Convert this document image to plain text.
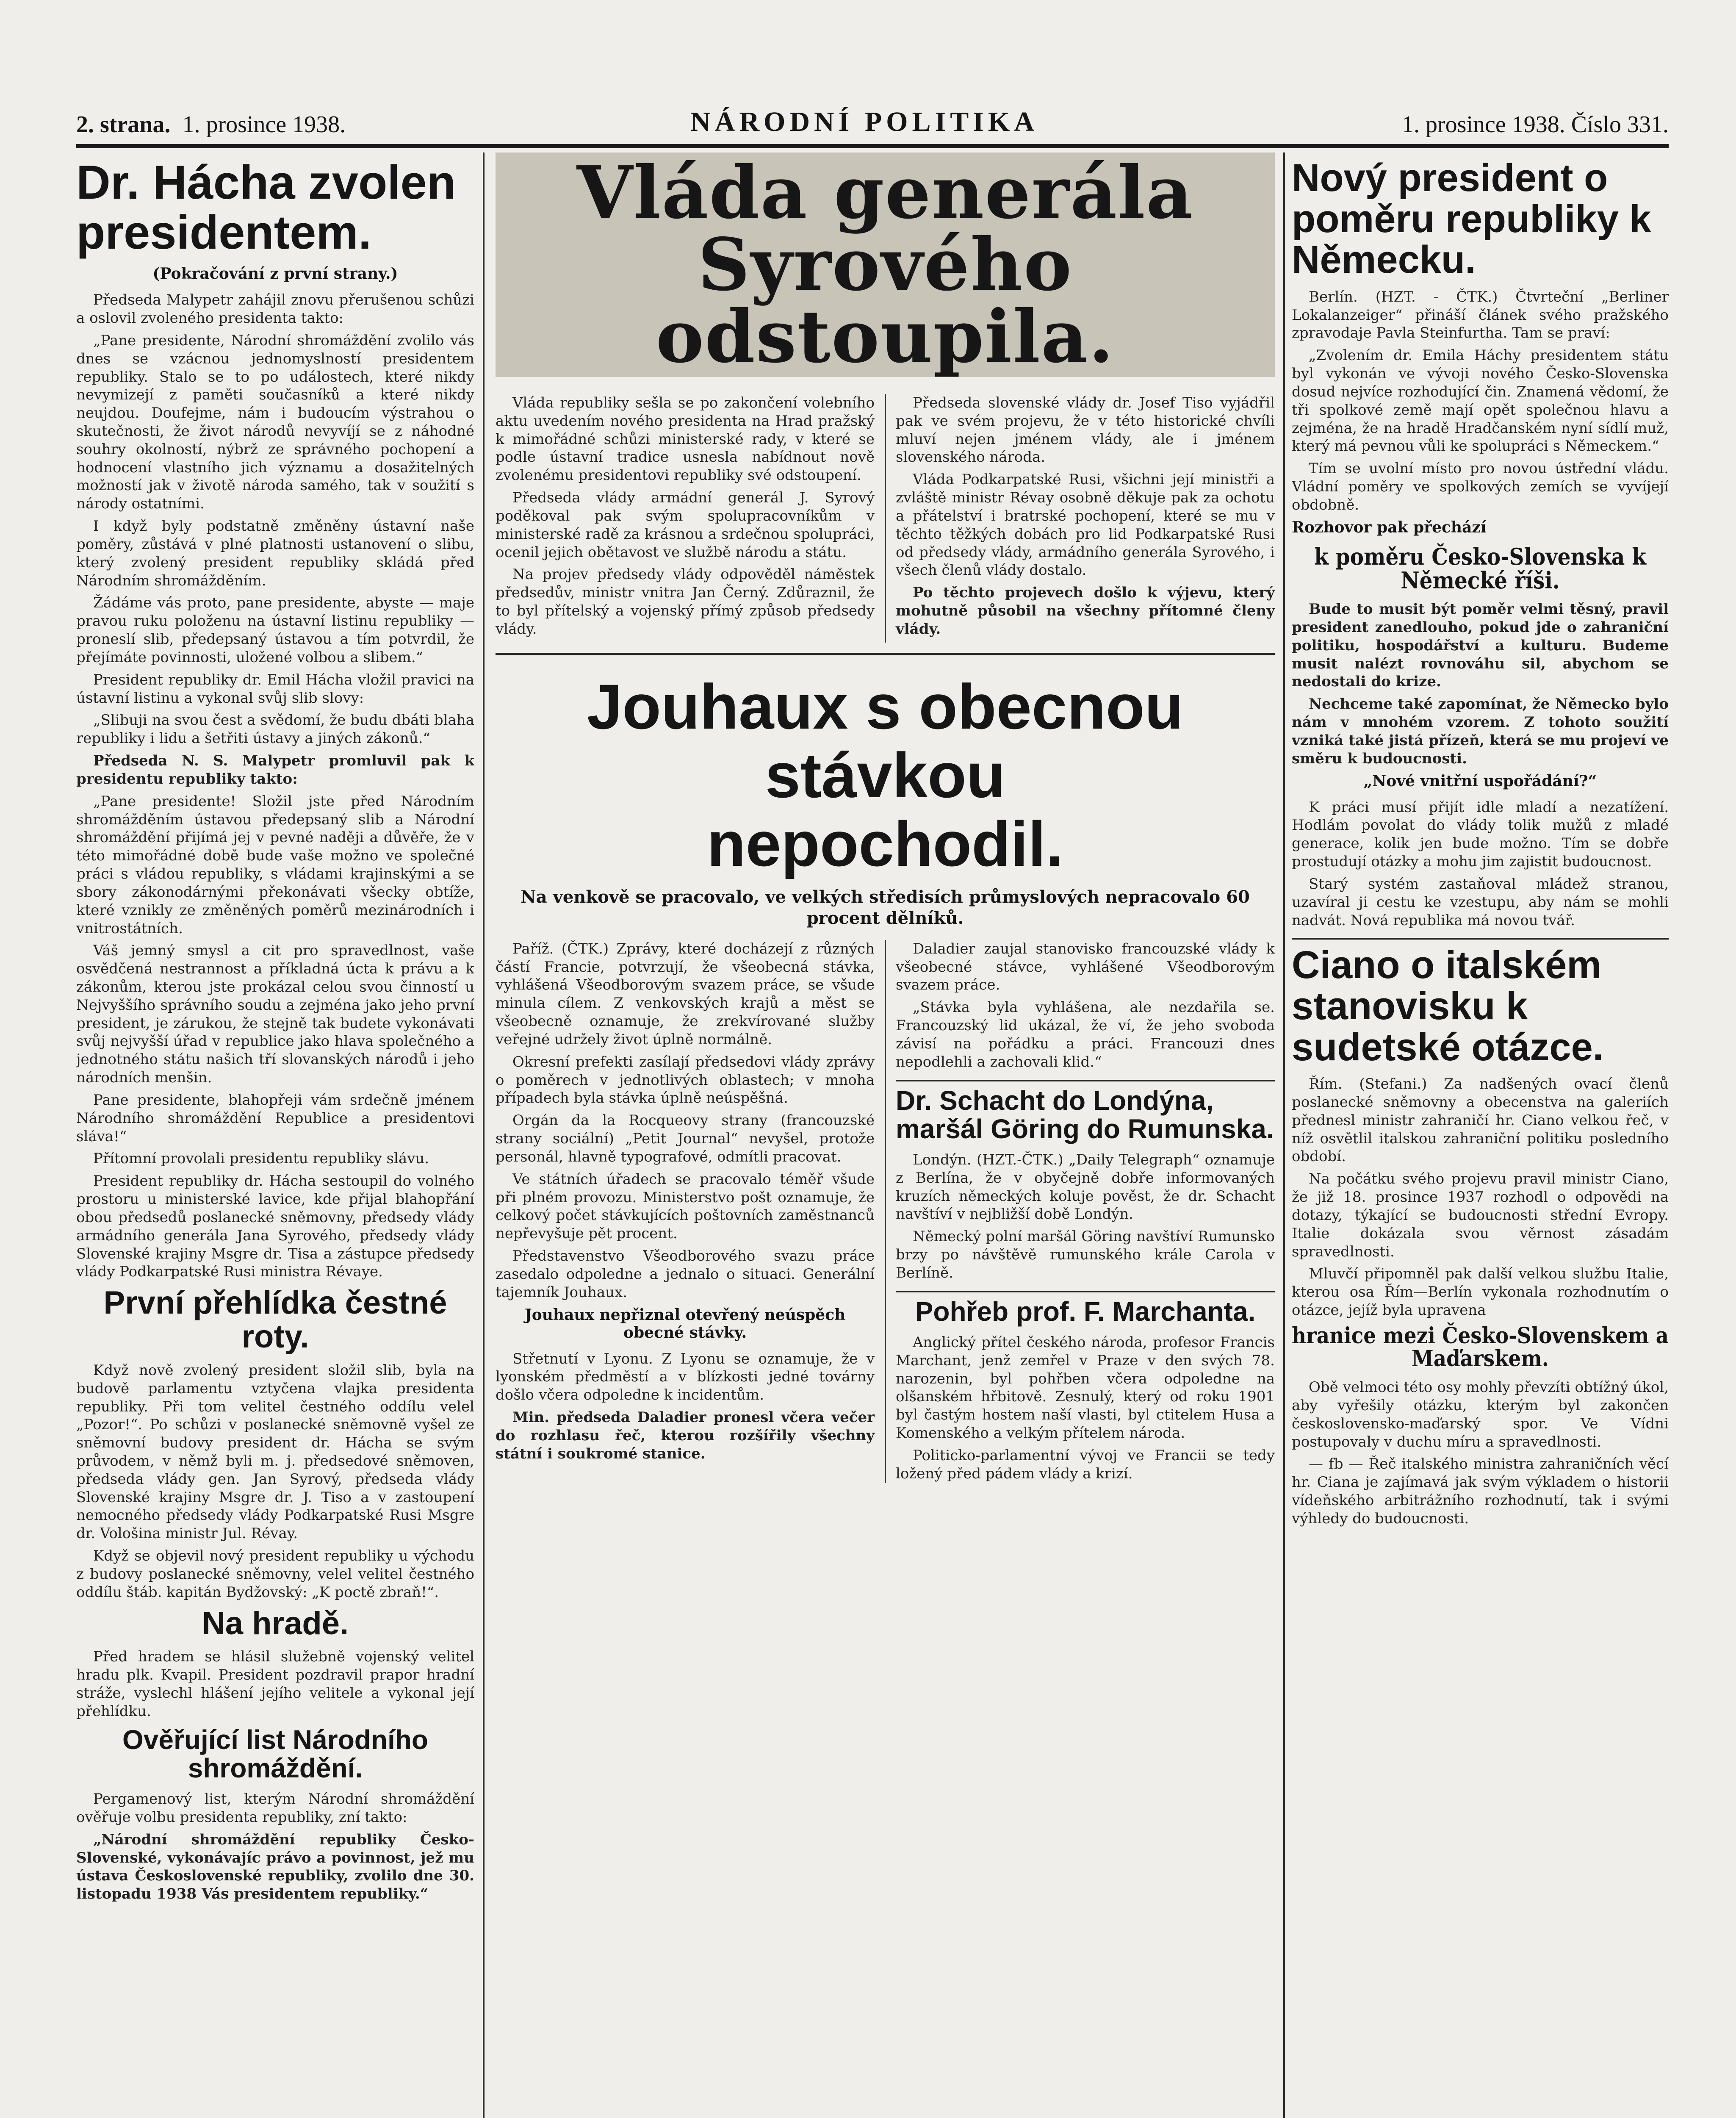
2. strana. 1. prosince 1938.	NÁRODNÍ POLITIKA	1. prosince 1938. Číslo 331.
Dr. Hácha zvolen presidentem.
(Pokračování z první strany.)

Předseda Malypetr zahájil znovu přerušenou schůzi a oslovil zvoleného presidenta takto:

„Pane presidente, Národní shromáždění zvolilo vás dnes se vzácnou jednomyslností presidentem republiky. Stalo se to po událostech, které nikdy nevymizejí z paměti současníků a které nikdy neujdou. Doufejme, nám i budoucím výstrahou o skutečnosti, že život národů nevyvíjí se z náhodné souhry okolností, nýbrž ze správného pochopení a hodnocení vlastního jich významu a dosažitelných možností jak v životě národa samého, tak v soužití s národy ostatními.

I když byly podstatně změněny ústavní naše poměry, zůstává v plné platnosti ustanovení o slibu, který zvolený president republiky skládá před Národním shromážděním.

Žádáme vás proto, pane presidente, abyste — maje pravou ruku položenu na ústavní listinu republiky — proneslí slib, předepsaný ústavou a tím potvrdil, že přejímáte povinnosti, uložené volbou a slibem.“

President republiky dr. Emil Hácha vložil pravici na ústavní listinu a vykonal svůj slib slovy:

„Slibuji na svou čest a svědomí, že budu dbáti blaha republiky i lidu a šetřiti ústavy a jiných zákonů.“

Předseda N. S. Malypetr promluvil pak k presidentu republiky takto:

„Pane presidente! Složil jste před Národním shromážděním ústavou předepsaný slib a Národní shromáždění přijímá jej v pevné naději a důvěře, že v této mimořádné době bude vaše možno ve společné práci s vládou republiky, s vládami krajinskými a se sbory zákonodárnými překonávati všecky obtíže, které vznikly ze změněných poměrů mezinárodních i vnitrostátních.

Váš jemný smysl a cit pro spravedlnost, vaše osvědčená nestrannost a příkladná úcta k právu a k zákonům, kterou jste prokázal celou svou činností u Nejvyššího správního soudu a zejména jako jeho první president, je zárukou, že stejně tak budete vykonávati svůj nejvyšší úřad v republice jako hlava společného a jednotného státu našich tří slovanských národů i jeho národních menšin.

Pane presidente, blahopřeji vám srdečně jménem Národního shromáždění Republice a presidentovi sláva!“

Přítomní provolali presidentu republiky slávu.

President republiky dr. Hácha sestoupil do volného prostoru u ministerské lavice, kde přijal blahopřání obou předsedů poslanecké sněmovny, předsedy vlády armádního generála Jana Syrového, předsedy vlády Slovenské krajiny Msgre dr. Tisa a zástupce předsedy vlády Podkarpatské Rusi ministra Révaye.

První přehlídka čestné roty.

Když nově zvolený president složil slib, byla na budově parlamentu vztyčena vlajka presidenta republiky. Při tom velitel čestného oddílu velel „Pozor!“. Po schůzi v poslanecké sněmovně vyšel ze sněmovní budovy president dr. Hácha se svým průvodem, v němž byli m. j. předsedové sněmoven, předseda vlády gen. Jan Syrový, předseda vlády Slovenské krajiny Msgre dr. J. Tiso a v zastoupení nemocného předsedy vlády Podkarpatské Rusi Msgre dr. Vološina ministr Jul. Révay.

Když se objevil nový president republiky u východu z budovy poslanecké sněmovny, velel velitel čestného oddílu štáb. kapitán Bydžovský: „K poctě zbraň!“.

Na hradě.

Před hradem se hlásil služebně vojenský velitel hradu plk. Kvapil. President pozdravil prapor hradní stráže, vyslechl hlášení jejího velitele a vykonal její přehlídku.

Ověřující list Národního shromáždění.

Pergamenový list, kterým Národní shromáždění ověřuje volbu presidenta republiky, zní takto:

„Národní shromáždění republiky Česko-Slovenské, vykonávajíc právo a povinnost, jež mu ústava Československé republiky, zvolilo dne 30. listopadu 1938 Vás presidentem republiky.“

Vláda generála Syrového
odstoupila.

Vláda republiky sešla se po zakončení volebního aktu uvedením nového presidenta na Hrad pražský k mimořádné schůzi ministerské rady, v které se podle ústavní tradice usnesla nabídnout nově zvolenému presidentovi republiky své odstoupení.

Předseda vlády armádní generál J. Syrový poděkoval pak svým spolupracovníkům v ministerské radě za krásnou a srdečnou spolupráci, ocenil jejich obětavost ve službě národu a státu.

Na projev předsedy vlády odpověděl náměstek předsedův, ministr vnitra Jan Černý. Zdůraznil, že to byl přítelský a vojenský přímý způsob předsedy vlády.

Předseda slovenské vlády dr. Josef Tiso vyjádřil pak ve svém projevu, že v této historické chvíli mluví nejen jménem vlády, ale i jménem slovenského národa.

Vláda Podkarpatské Rusi, všichni její ministři a zvláště ministr Révay osobně děkuje pak za ochotu a přátelství i bratrské pochopení, které se mu v těchto těžkých dobách pro lid Podkarpatské Rusi od předsedy vlády, armádního generála Syrového, i všech členů vlády dostalo.

Po těchto projevech došlo k výjevu, který mohutně působil na všechny přítomné členy vlády.

Jouhaux s obecnou stávkou
nepochodil.
Na venkově se pracovalo, ve velkých středisích průmyslových nepracovalo 60 procent dělníků.

Paříž. (ČTK.) Zprávy, které docházejí z různých částí Francie, potvrzují, že všeobecná stávka, vyhlášená Všeodborovým svazem práce, se všude minula cílem. Z venkovských krajů a měst se všeobecně oznamuje, že zrekvírované služby veřejné udržely život úplně normálně.

Okresní prefekti zasílají předsedovi vlády zprávy o poměrech v jednotlivých oblastech; v mnoha případech byla stávka úplně neúspěšná.

Orgán da la Rocqueovy strany (francouzské strany sociální) „Petit Journal“ nevyšel, protože personál, hlavně typografové, odmítli pracovat.

Ve státních úřadech se pracovalo téměř všude při plném provozu. Ministerstvo pošt oznamuje, že celkový počet stávkujících poštovních zaměstnanců nepřevyšuje pět procent.

Představenstvo Všeodborového svazu práce zasedalo odpoledne a jednalo o situaci. Generální tajemník Jouhaux.

Jouhaux nepřiznal otevřený neúspěch obecné stávky.

Střetnutí v Lyonu. Z Lyonu se oznamuje, že v lyonském předměstí a v blízkosti jedné továrny došlo včera odpoledne k incidentům.

Min. předseda Daladier pronesl včera večer do rozhlasu řeč, kterou rozšířily všechny státní i soukromé stanice.

Daladier zaujal stanovisko francouzské vlády k všeobecné stávce, vyhlášené Všeodborovým svazem práce.

„Stávka byla vyhlášena, ale nezdařila se. Francouzský lid ukázal, že ví, že jeho svoboda závisí na pořádku a práci. Francouzi dnes nepodlehli a zachovali klid.“

Dr. Schacht do Londýna, maršál Göring do Rumunska.

Londýn. (HZT.-ČTK.) „Daily Telegraph“ oznamuje z Berlína, že v obyčejně dobře informovaných kruzích německých koluje pověst, že dr. Schacht navštíví v nejbližší době Londýn.

Německý polní maršál Göring navštíví Rumunsko brzy po návštěvě rumunského krále Carola v Berlíně.

Pohřeb prof. F. Marchanta.

Anglický přítel českého národa, profesor Francis Marchant, jenž zemřel v Praze v den svých 78. narozenin, byl pohřben včera odpoledne na olšanském hřbitově. Zesnulý, který od roku 1901 byl častým hostem naší vlasti, byl ctitelem Husa a Komenského a velkým přítelem národa.

Politicko-parlamentní vývoj ve Francii se tedy ložený před pádem vlády a krizí.

Nový president o poměru republiky k Německu.

Berlín. (HZT. - ČTK.) Čtvrteční „Berliner Lokalanzeiger“ přináší článek svého pražského zpravodaje Pavla Steinfurtha. Tam se praví:

„Zvolením dr. Emila Háchy presidentem státu byl vykonán ve vývoji nového Česko-Slovenska dosud nejvíce rozhodující čin. Znamená vědomí, že tři spolkové země mají opět společnou hlavu a zejména, že na hradě Hradčanském nyní sídlí muž, který má pevnou vůli ke spolupráci s Německem.“

Tím se uvolní místo pro novou ústřední vládu. Vládní poměry ve spolkových zemích se vyvíjejí obdobně.

Rozhovor pak přechází
k poměru Česko-Slovenska k Německé říši.

Bude to musit být poměr velmi těsný, pravil president zanedlouho, pokud jde o zahraniční politiku, hospodářství a kulturu. Budeme musit nalézt rovnováhu sil, abychom se nedostali do krize.

Nechceme také zapomínat, že Německo bylo nám v mnohém vzorem. Z tohoto soužití vzniká také jistá přízeň, která se mu projeví ve směru k budoucnosti.

„Nové vnitřní uspořádání?“

K práci musí přijít idle mladí a nezatížení. Hodlám povolat do vlády tolik mužů z mladé generace, kolik jen bude možno. Tím se dobře prostudují otázky a mohu jim zajistit budoucnost.

Starý systém zastaňoval mládež stranou, uzavíral ji cestu ke vzestupu, aby nám se mohli nadvát. Nová republika má novou tvář.

Ciano o italském stanovisku k sudetské otázce.

Řím. (Stefani.) Za nadšených ovací členů poslanecké sněmovny a obecenstva na galeriích přednesl ministr zahraničí hr. Ciano velkou řeč, v níž osvětlil italskou zahraniční politiku posledního období.

Na počátku svého projevu pravil ministr Ciano, že již 18. prosince 1937 rozhodl o odpovědi na dotazy, týkající se budoucnosti střední Evropy. Italie dokázala svou věrnost zásadám spravedlnosti.

Mluvčí připomněl pak další velkou službu Italie, kterou osa Řím—Berlín vykonala rozhodnutím o otázce, jejíž byla upravena

hranice mezi Česko-Slovenskem a Maďarskem.

Obě velmoci této osy mohly převzíti obtížný úkol, aby vyřešily otázku, kterým byl zakončen československo-maďarský spor. Ve Vídni postupovaly v duchu míru a spravedlnosti.

— fb — Řeč italského ministra zahraničních věcí hr. Ciana je zajímavá jak svým výkladem o historii vídeňského arbitrážního rozhodnutí, tak i svými výhledy do budoucnosti.
